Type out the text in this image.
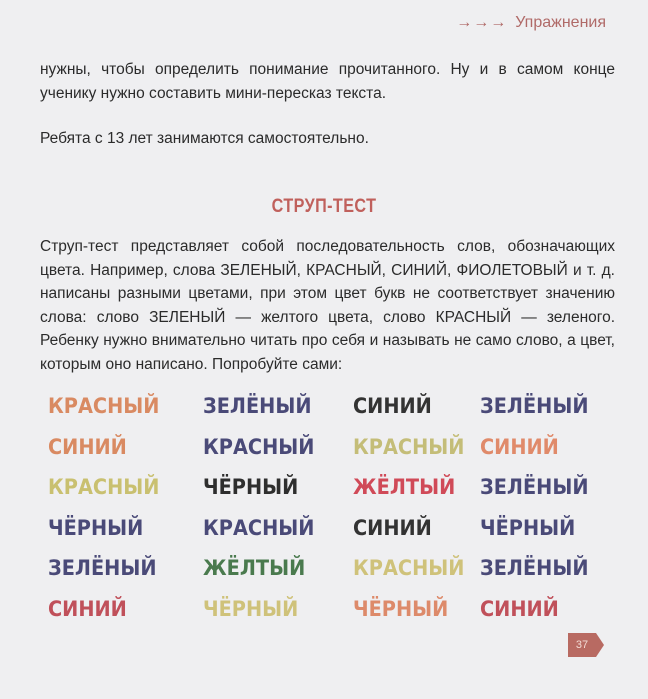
→→→ Упражнения
нужны, чтобы определить понимание прочитанного. Ну и в самом конце ученику нужно составить мини-пересказ текста.
Ребята с 13 лет занимаются самостоятельно.
СТРУП-ТЕСТ
Струп-тест представляет собой последовательность слов, обозначающих цвета. Например, слова ЗЕЛЕНЫЙ, КРАСНЫЙ, СИНИЙ, ФИОЛЕТОВЫЙ и т. д. написаны разными цветами, при этом цвет букв не соответствует значению слова: слово ЗЕЛЕНЫЙ — желтого цвета, слово КРАСНЫЙ — зеленого. Ребенку нужно внимательно читать про себя и называть не само слово, а цвет, которым оно написано. Попробуйте сами:
КРАСНЫЙ ЗЕЛЁНЫЙ СИНИЙ ЗЕЛЁНЫЙ
СИНИЙ	КРАСНЫЙ КРАСНЫЙ СИНИЙ
КРАСНЫЙ ЧЁРНЫЙ	ЖЁЛТЫЙ ЗЕЛЁНЫЙ
ЧЁРНЫЙ	КРАСНЫЙ СИНИЙ ЧЁРНЫЙ
ЗЕЛЁНЫЙ ЖЁЛТЫЙ КРАСНЫЙ ЗЕЛЁНЫЙ
СИНИЙ	ЧЁРНЫЙ	ЧЁРНЫЙ СИНИЙ
37
